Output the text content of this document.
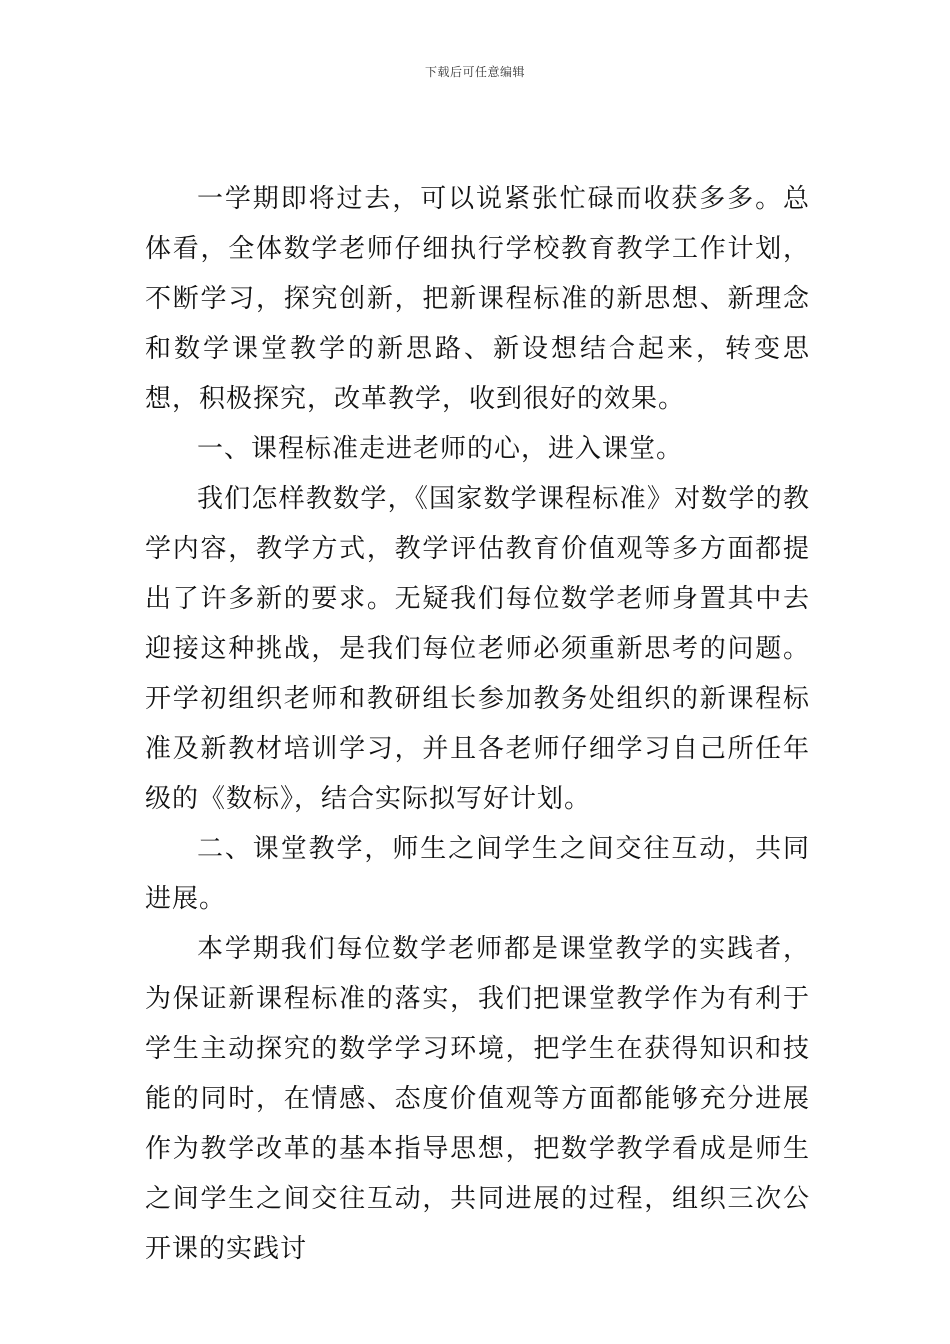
下载后可任意编辑

一学期即将过去，可以说紧张忙碌而收获多多。总体看，全体数学老师仔细执行学校教育教学工作计划，不断学习，探究创新，把新课程标准的新思想、新理念和数学课堂教学的新思路、新设想结合起来，转变思想，积极探究，改革教学，收到很好的效果。

一、课程标准走进老师的心，进入课堂。

我们怎样教数学，《国家数学课程标准》对数学的教学内容，教学方式，教学评估教育价值观等多方面都提出了许多新的要求。无疑我们每位数学老师身置其中去迎接这种挑战，是我们每位老师必须重新思考的问题。开学初组织老师和教研组长参加教务处组织的新课程标准及新教材培训学习，并且各老师仔细学习自己所任年级的《数标》，结合实际拟写好计划。

二、课堂教学，师生之间学生之间交往互动，共同进展。

本学期我们每位数学老师都是课堂教学的实践者，为保证新课程标准的落实，我们把课堂教学作为有利于学生主动探究的数学学习环境，把学生在获得知识和技能的同时，在情感、态度价值观等方面都能够充分进展作为教学改革的基本指导思想，把数学教学看成是师生之间学生之间交往互动，共同进展的过程，组织三次公开课的实践讨
